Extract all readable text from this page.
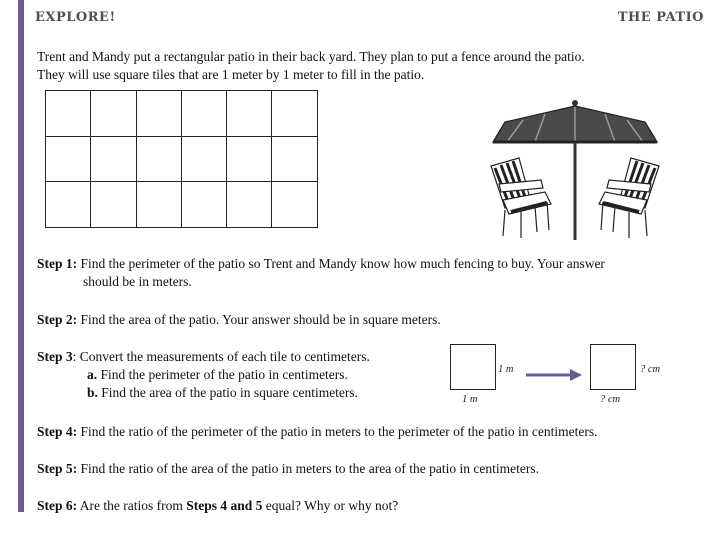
EXPLORE!	THE PATIO
Trent and Mandy put a rectangular patio in their back yard. They plan to put a fence around the patio.
They will use square tiles that are 1 meter by 1 meter to fill in the patio.

Step 1: Find the perimeter of the patio so Trent and Mandy know how much fencing to buy. Your answer
should be in meters.
Step 2: Find the area of the patio. Your answer should be in square meters.
Step 3: Convert the measurements of each tile to centimeters.
a. Find the perimeter of the patio in centimeters.
b. Find the area of the patio in square centimeters.
1 m
1 m
? cm
? cm
Step 4: Find the ratio of the perimeter of the patio in meters to the perimeter of the patio in centimeters.
Step 5: Find the ratio of the area of the patio in meters to the area of the patio in centimeters.
Step 6: Are the ratios from Steps 4 and 5 equal? Why or why not?
